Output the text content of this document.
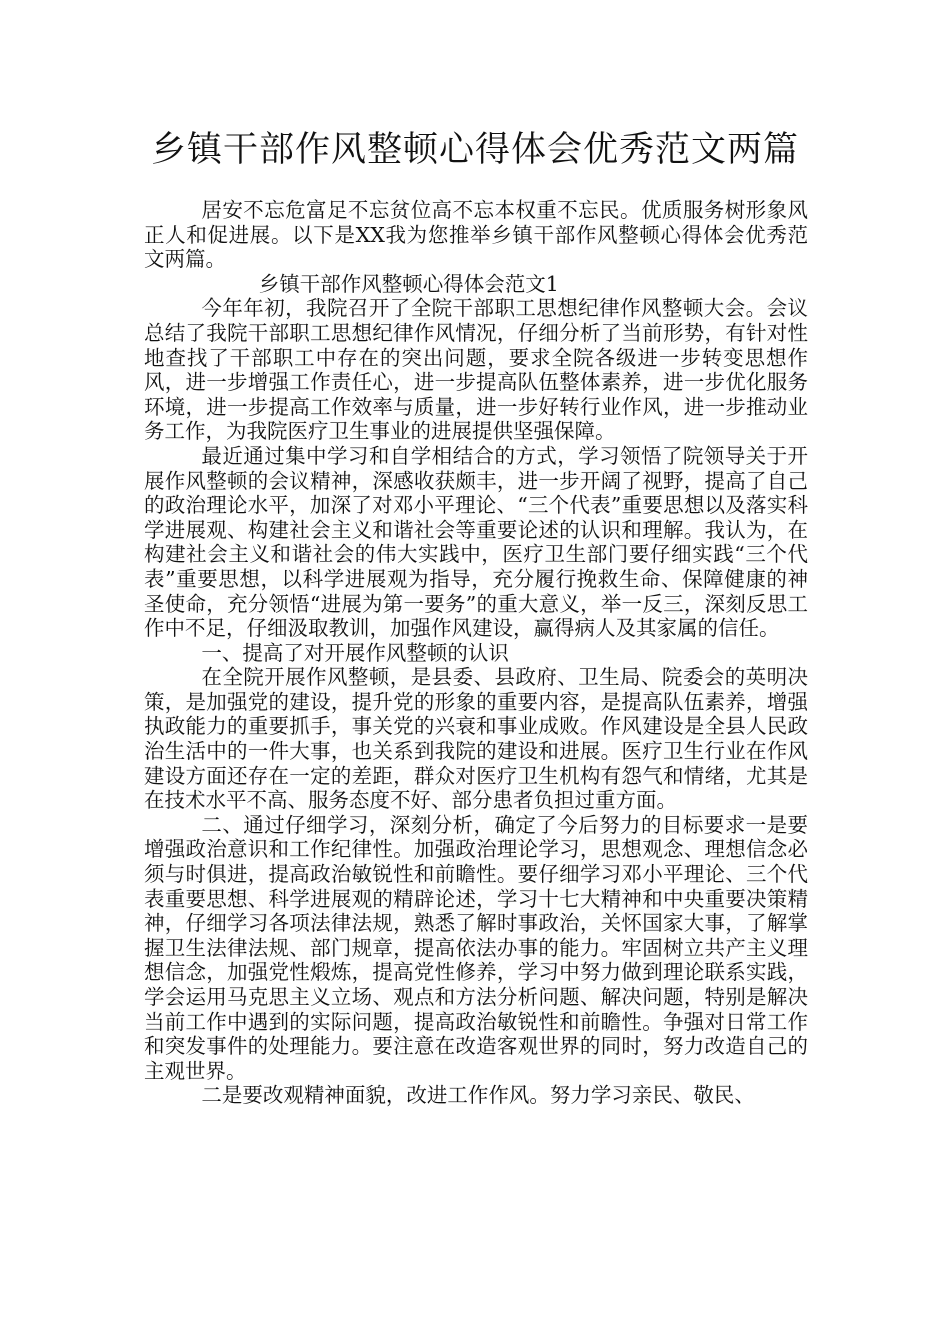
乡镇干部作风整顿心得体会优秀范文两篇

居安不忘危富足不忘贫位高不忘本权重不忘民。优质服务树形象风正人和促进展。以下是XX我为您推举乡镇干部作风整顿心得体会优秀范文两篇。

乡镇干部作风整顿心得体会范文1

今年年初，我院召开了全院干部职工思想纪律作风整顿大会。会议总结了我院干部职工思想纪律作风情况，仔细分析了当前形势，有针对性地查找了干部职工中存在的突出问题，要求全院各级进一步转变思想作风，进一步增强工作责任心，进一步提高队伍整体素养，进一步优化服务环境，进一步提高工作效率与质量，进一步好转行业作风，进一步推动业务工作，为我院医疗卫生事业的进展提供坚强保障。

最近通过集中学习和自学相结合的方式，学习领悟了院领导关于开展作风整顿的会议精神，深感收获颇丰，进一步开阔了视野，提高了自己的政治理论水平，加深了对邓小平理论、“三个代表”重要思想以及落实科学进展观、构建社会主义和谐社会等重要论述的认识和理解。我认为，在构建社会主义和谐社会的伟大实践中，医疗卫生部门要仔细实践“三个代表”重要思想，以科学进展观为指导，充分履行挽救生命、保障健康的神圣使命，充分领悟“进展为第一要务”的重大意义，举一反三，深刻反思工作中不足，仔细汲取教训，加强作风建设，赢得病人及其家属的信任。

一、提高了对开展作风整顿的认识

在全院开展作风整顿，是县委、县政府、卫生局、院委会的英明决策，是加强党的建设，提升党的形象的重要内容，是提高队伍素养，增强执政能力的重要抓手，事关党的兴衰和事业成败。作风建设是全县人民政治生活中的一件大事，也关系到我院的建设和进展。医疗卫生行业在作风建设方面还存在一定的差距，群众对医疗卫生机构有怨气和情绪，尤其是在技术水平不高、服务态度不好、部分患者负担过重方面。

二、通过仔细学习，深刻分析，确定了今后努力的目标要求一是要增强政治意识和工作纪律性。加强政治理论学习，思想观念、理想信念必须与时俱进，提高政治敏锐性和前瞻性。要仔细学习邓小平理论、三个代表重要思想、科学进展观的精辟论述，学习十七大精神和中央重要决策精神，仔细学习各项法律法规，熟悉了解时事政治，关怀国家大事，了解掌握卫生法律法规、部门规章，提高依法办事的能力。牢固树立共产主义理想信念，加强党性煅炼，提高党性修养，学习中努力做到理论联系实践，学会运用马克思主义立场、观点和方法分析问题、解决问题，特别是解决当前工作中遇到的实际问题，提高政治敏锐性和前瞻性。争强对日常工作和突发事件的处理能力。要注意在改造客观世界的同时，努力改造自己的主观世界。

二是要改观精神面貌，改进工作作风。努力学习亲民、敬民、
